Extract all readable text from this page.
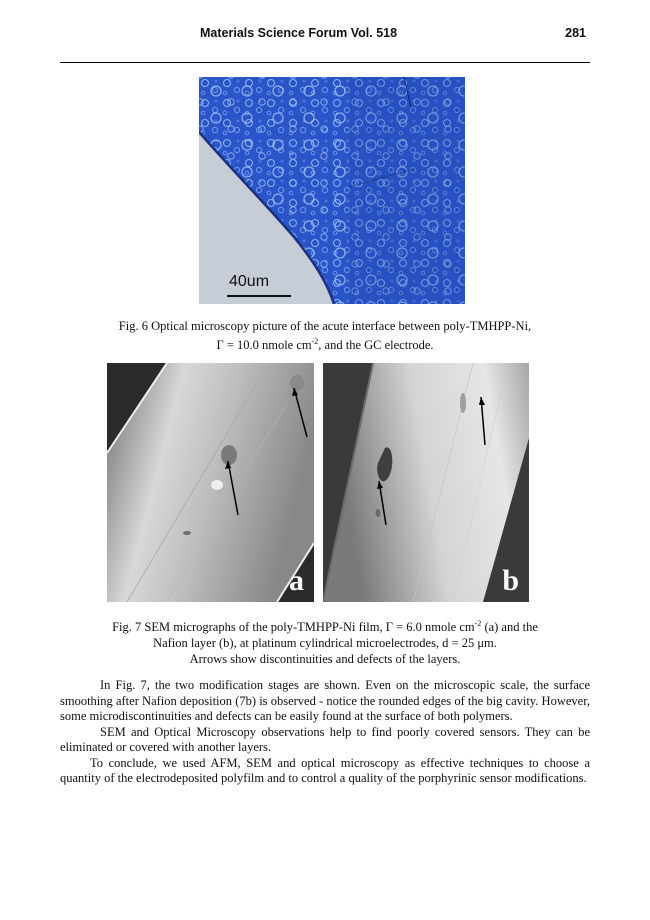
Materials Science Forum Vol. 518	281
40um
Fig. 6 Optical microscopy picture of the acute interface between poly-TMHPP-Ni,
Γ = 10.0 nmole $cm^{-2}$, and the GC electrode.
a	b
Fig. 7 SEM micrographs of the poly-TMHPP-Ni film, Γ = 6.0 nmole $cm^{-2}$ (a) and the
Nafion layer (b), at platinum cylindrical microelectrodes, d = 25 μm.
Arrows show discontinuities and defects of the layers.

In Fig. 7, the two modification stages are shown. Even on the microscopic scale, the surface smoothing after Nafion deposition (7b) is observed - notice the rounded edges of the big cavity. However, some microdiscontinuities and defects can be easily found at the surface of both polymers.

SEM and Optical Microscopy observations help to find poorly covered sensors. They can be eliminated or covered with another layers.

To conclude, we used AFM, SEM and optical microscopy as effective techniques to choose a quantity of the electrodeposited polyfilm and to control a quality of the porphyrinic sensor modifications.
